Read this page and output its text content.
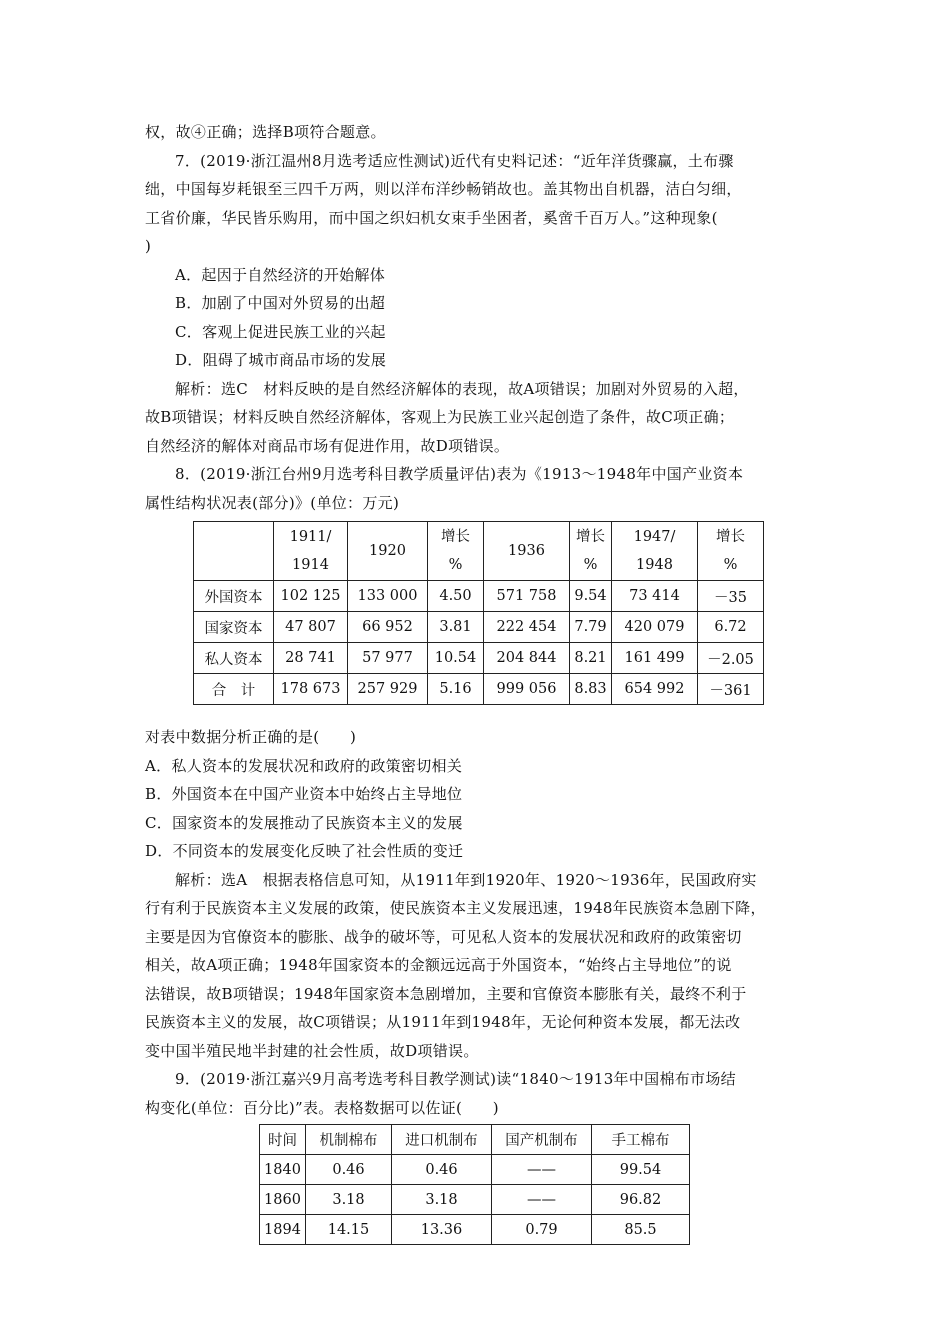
权，故④正确；选择B项符合题意。
7．(2019·浙江温州8月选考适应性测试)近代有史料记述：“近年洋货骤赢，土布骤
绌，中国每岁耗银至三四千万两，则以洋布洋纱畅销故也。盖其物出自机器，洁白匀细，
工省价廉，华民皆乐购用，而中国之织妇机女束手坐困者，奚啻千百万人。”这种现象(
)
A．起因于自然经济的开始解体
B．加剧了中国对外贸易的出超
C．客观上促进民族工业的兴起
D．阻碍了城市商品市场的发展
解析：选C　材料反映的是自然经济解体的表现，故A项错误；加剧对外贸易的入超，
故B项错误；材料反映自然经济解体，客观上为民族工业兴起创造了条件，故C项正确；
自然经济的解体对商品市场有促进作用，故D项错误。
8．(2019·浙江台州9月选考科目教学质量评估)表为《1913～1948年中国产业资本
属性结构状况表(部分)》(单位：万元)
	1911/
1914	1920	增长
%	1936	增长
%	1947/
1948	增长
%
外国资本	102 125	133 000	4.50	571 758	9.54	73 414	－35
国家资本	47 807	66 952	3.81	222 454	7.79	420 079	6.72
私人资本	28 741	57 977	10.54	204 844	8.21	161 499	－2.05
合　计	178 673	257 929	5.16	999 056	8.83	654 992	－361
对表中数据分析正确的是(　　)
A．私人资本的发展状况和政府的政策密切相关
B．外国资本在中国产业资本中始终占主导地位
C．国家资本的发展推动了民族资本主义的发展
D．不同资本的发展变化反映了社会性质的变迁
解析：选A　根据表格信息可知，从1911年到1920年、1920～1936年，民国政府实
行有利于民族资本主义发展的政策，使民族资本主义发展迅速，1948年民族资本急剧下降，
主要是因为官僚资本的膨胀、战争的破坏等，可见私人资本的发展状况和政府的政策密切
相关，故A项正确；1948年国家资本的金额远远高于外国资本，“始终占主导地位”的说
法错误，故B项错误；1948年国家资本急剧增加，主要和官僚资本膨胀有关，最终不利于
民族资本主义的发展，故C项错误；从1911年到1948年，无论何种资本发展，都无法改
变中国半殖民地半封建的社会性质，故D项错误。
9．(2019·浙江嘉兴9月高考选考科目教学测试)读“1840～1913年中国棉布市场结
构变化(单位：百分比)”表。表格数据可以佐证(　　)
时间	机制棉布	进口机制布	国产机制布	手工棉布
1840	0.46	0.46	——	99.54
1860	3.18	3.18	——	96.82
1894	14.15	13.36	0.79	85.5
